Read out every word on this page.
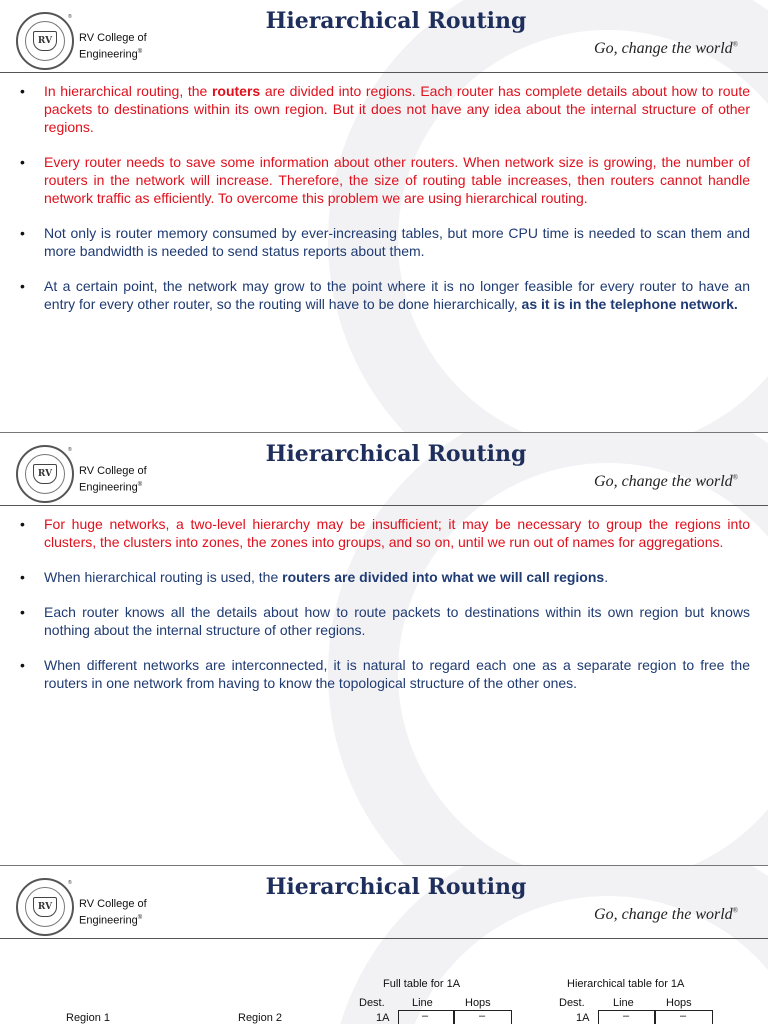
RV
®
RV College of
Engineering®
Hierarchical Routing
Go, change the world®
• In hierarchical routing, the routers are divided into regions. Each router has complete details about how to route packets to destinations within its own region. But it does not have any idea about the internal structure of other regions.
• Every router needs to save some information about other routers. When network size is growing, the number of routers in the network will increase. Therefore, the size of routing table increases, then routers cannot handle network traffic as efficiently. To overcome this problem we are using hierarchical routing.
• Not only is router memory consumed by ever-increasing tables, but more CPU time is needed to scan them and more bandwidth is needed to send status reports about them.
• At a certain point, the network may grow to the point where it is no longer feasible for every router to have an entry for every other router, so the routing will have to be done hierarchically, as it is in the telephone network.
RV
®
RV College of
Engineering®
Hierarchical Routing
Go, change the world®
• For huge networks, a two-level hierarchy may be insufficient; it may be necessary to group the regions into clusters, the clusters into zones, the zones into groups, and so on, until we run out of names for aggregations.
• When hierarchical routing is used, the routers are divided into what we will call regions.
• Each router knows all the details about how to route packets to destinations within its own region but knows nothing about the internal structure of other regions.
• When different networks are interconnected, it is natural to regard each one as a separate region to free the routers in one network from having to know the topological structure of the other ones.
RV
®
RV College of
Engineering®
Hierarchical Routing
Go, change the world®
Full table for 1A	Hierarchical table for 1A
Dest. Line	Hops	Dest.	Line	Hops
1A	–	–	1A	–	–
Region 1	Region 2
